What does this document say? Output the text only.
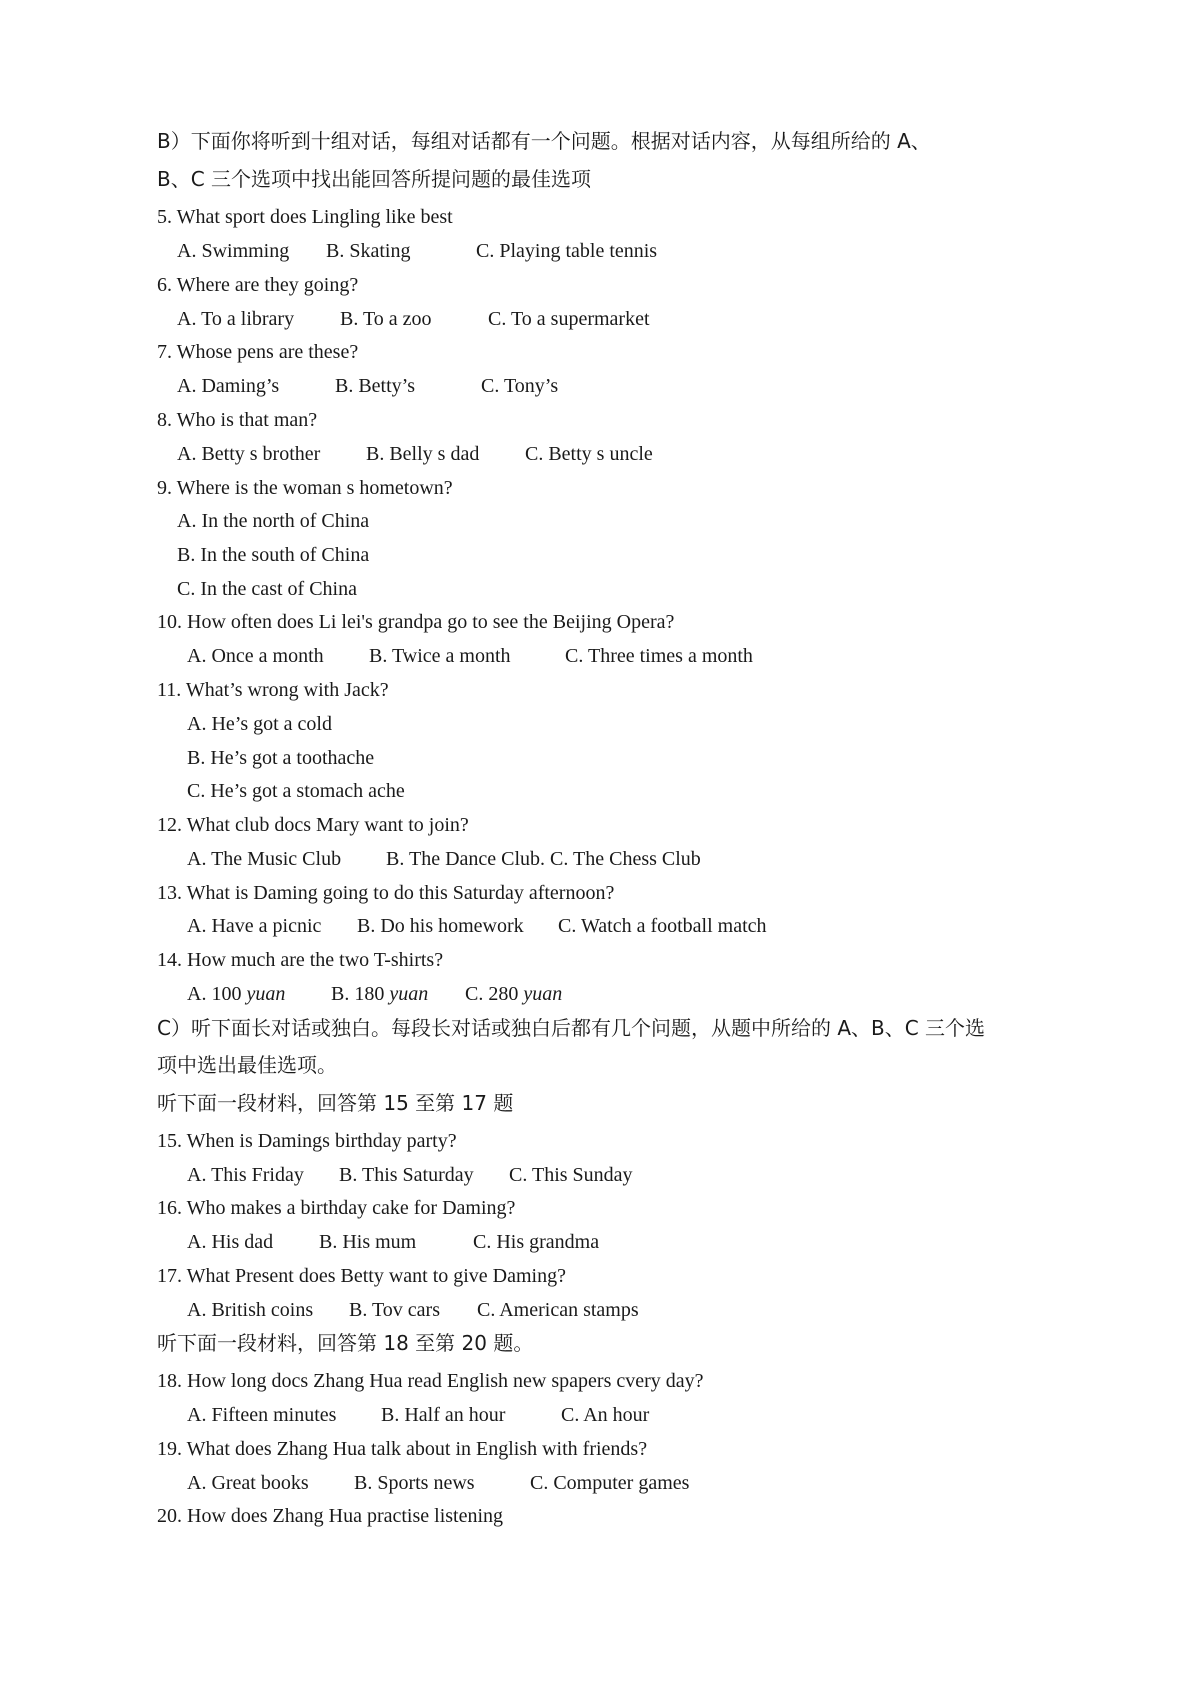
B）下面你将听到十组对话，每组对话都有一个问题。根据对话内容，从每组所给的 A、
B、C 三个选项中找出能回答所提问题的最佳选项
5. What sport does Lingling like best
A. Swimming B. Skating	C. Playing table tennis
6. Where are they going?
A. To a library B. To a zoo	C. To a supermarket
7. Whose pens are these?
A. Daming’s	B. Betty’s	C. Tony’s
8. Who is that man?
A. Betty s brother B. Belly s dad C. Betty s uncle
9. Where is the woman s hometown?
A. In the north of China
B. In the south of China
C. In the cast of China
10. How often does Li lei's grandpa go to see the Beijing Opera?
A. Once a month B. Twice a month	C. Three times a month
11. What’s wrong with Jack?
A. He’s got a cold
B. He’s got a toothache
C. He’s got a stomach ache
12. What club docs Mary want to join?
A. The Music Club B. The Dance Club. C. The Chess Club
13. What is Daming going to do this Saturday afternoon?
A. Have a picnic B. Do his homework C. Watch a football match
14. How much are the two T-shirts?
A. 100 yuan B. 180 yuan C. 280 yuan
C）听下面长对话或独白。每段长对话或独白后都有几个问题，从题中所给的 A、B、C 三个选
项中选出最佳选项。
听下面一段材料，回答第 15 至第 17 题
15. When is Damings birthday party?
A. This Friday B. This Saturday C. This Sunday
16. Who makes a birthday cake for Daming?
A. His dad B. His mum	C. His grandma
17. What Present does Betty want to give Daming?
A. British coins B. Tov cars C. American stamps
听下面一段材料，回答第 18 至第 20 题。
18. How long docs Zhang Hua read English new spapers cvery day?
A. Fifteen minutes B. Half an hour	C. An hour
19. What does Zhang Hua talk about in English with friends?
A. Great books B. Sports news	C. Computer games
20. How does Zhang Hua practise listening
